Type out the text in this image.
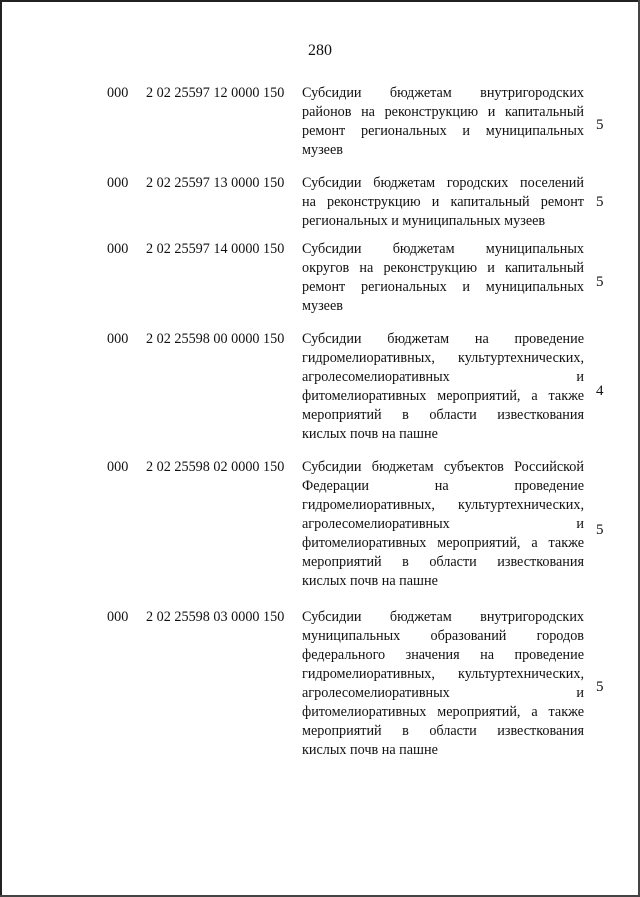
280
000 2 02 25597 12 0000 150 Субсидии бюджетам внутригородских
районов на реконструкцию и капитальный
ремонт региональных и муниципальных
музеев
5
000 2 02 25597 13 0000 150 Субсидии бюджетам городских поселений
на реконструкцию и капитальный ремонт
региональных и муниципальных музеев
5
000 2 02 25597 14 0000 150 Субсидии бюджетам муниципальных
округов на реконструкцию и капитальный
ремонт региональных и муниципальных
музеев
5
000 2 02 25598 00 0000 150 Субсидии бюджетам на проведение
гидромелиоративных, культуртехнических,
агролесомелиоративных и
фитомелиоративных мероприятий, а также
мероприятий в области известкования
кислых почв на пашне
4
000 2 02 25598 02 0000 150 Субсидии бюджетам субъектов Российской
Федерации на проведение
гидромелиоративных, культуртехнических,
агролесомелиоративных и
фитомелиоративных мероприятий, а также
мероприятий в области известкования
кислых почв на пашне
5
000 2 02 25598 03 0000 150 Субсидии бюджетам внутригородских
муниципальных образований городов
федерального значения на проведение
гидромелиоративных, культуртехнических,
агролесомелиоративных и
фитомелиоративных мероприятий, а также
мероприятий в области известкования
кислых почв на пашне
5
